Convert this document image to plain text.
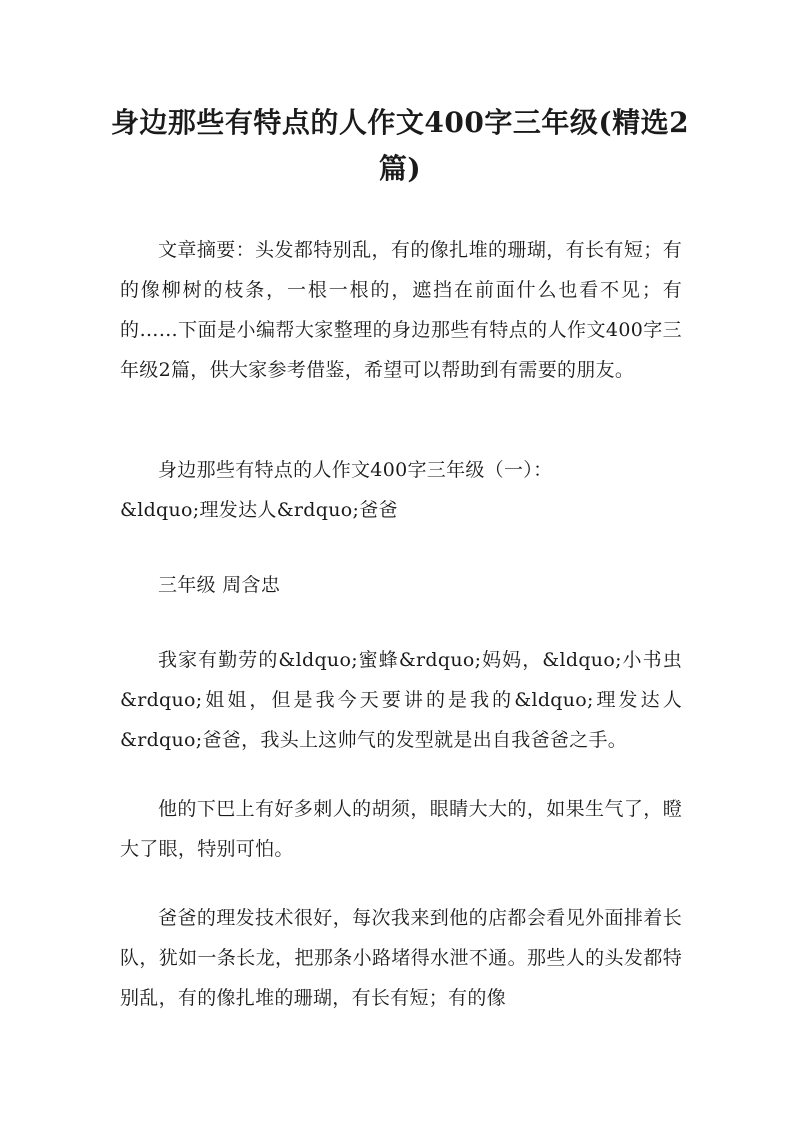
身边那些有特点的人作文400字三年级(精选2篇)

文章摘要：头发都特别乱，有的像扎堆的珊瑚，有长有短；有的像柳树的枝条，一根一根的，遮挡在前面什么也看不见；有的……下面是小编帮大家整理的身边那些有特点的人作文400字三年级2篇，供大家参考借鉴，希望可以帮助到有需要的朋友。

身边那些有特点的人作文400字三年级（一）：

&ldquo;理发达人&rdquo;爸爸

三年级 周含忠

我家有勤劳的&ldquo;蜜蜂&rdquo;妈妈，&ldquo;小书虫&rdquo;姐姐，但是我今天要讲的是我的&ldquo;理发达人&rdquo;爸爸，我头上这帅气的发型就是出自我爸爸之手。

他的下巴上有好多刺人的胡须，眼睛大大的，如果生气了，瞪大了眼，特别可怕。

爸爸的理发技术很好，每次我来到他的店都会看见外面排着长队，犹如一条长龙，把那条小路堵得水泄不通。那些人的头发都特别乱，有的像扎堆的珊瑚，有长有短；有的像
